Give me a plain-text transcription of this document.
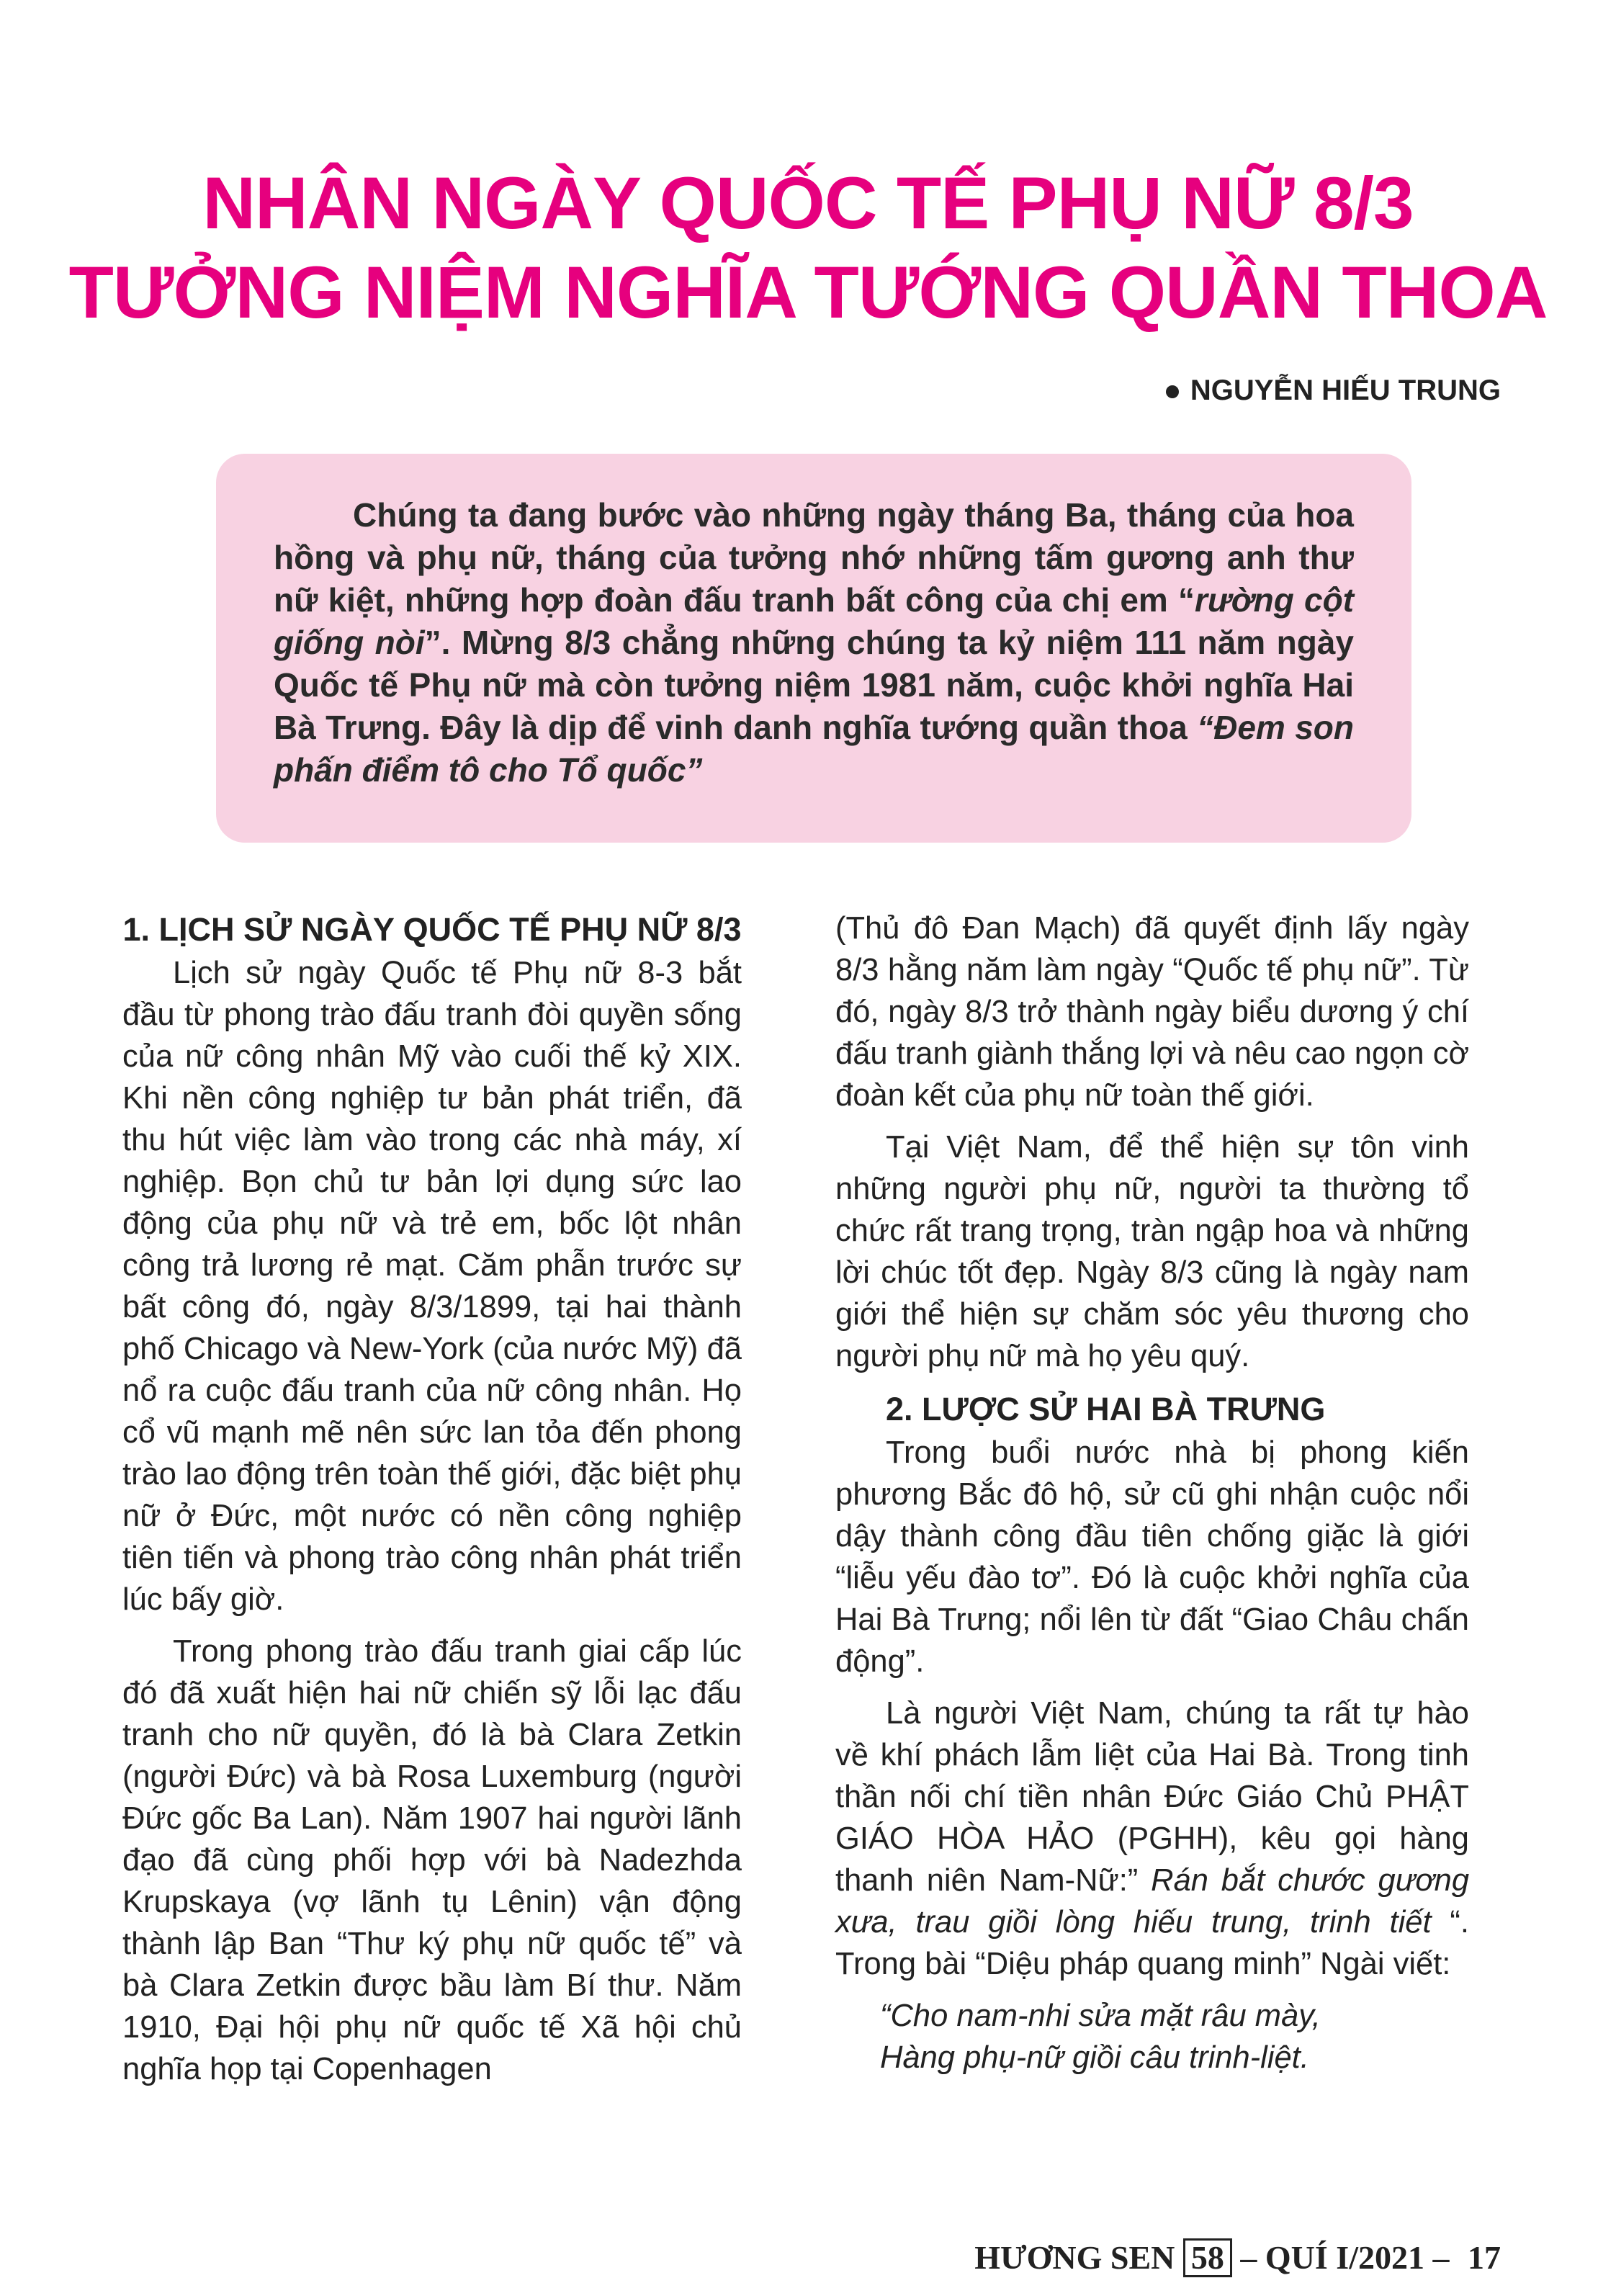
NHÂN NGÀY QUỐC TẾ PHỤ NỮ 8/3
TƯỞNG NIỆM NGHĨA TƯỚNG QUẦN THOA
NGUYỄN HIẾU TRUNG

Chúng ta đang bước vào những ngày tháng Ba, tháng của hoa hồng và phụ nữ, tháng của tưởng nhớ những tấm gương anh thư nữ kiệt, những hợp đoàn đấu tranh bất công của chị em “rường cột giống nòi”. Mừng 8/3 chẳng những chúng ta kỷ niệm 111 năm ngày Quốc tế Phụ nữ mà còn tưởng niệm 1981 năm, cuộc khởi nghĩa Hai Bà Trưng. Đây là dịp để vinh danh nghĩa tướng quần thoa “Đem son phấn điểm tô cho Tổ quốc”

1. LỊCH SỬ NGÀY QUỐC TẾ PHỤ NỮ 8/3

Lịch sử ngày Quốc tế Phụ nữ 8-3 bắt đầu từ phong trào đấu tranh đòi quyền sống của nữ công nhân Mỹ vào cuối thế kỷ XIX. Khi nền công nghiệp tư bản phát triển, đã thu hút việc làm vào trong các nhà máy, xí nghiệp. Bọn chủ tư bản lợi dụng sức lao động của phụ nữ và trẻ em, bốc lột nhân công trả lương rẻ mạt. Căm phẫn trước sự bất công đó, ngày 8/3/1899, tại hai thành phố Chicago và New-York (của nước Mỹ) đã nổ ra cuộc đấu tranh của nữ công nhân. Họ cổ vũ mạnh mẽ nên sức lan tỏa đến phong trào lao động trên toàn thế giới, đặc biệt phụ nữ ở Đức, một nước có nền công nghiệp tiên tiến và phong trào công nhân phát triển lúc bấy giờ.

Trong phong trào đấu tranh giai cấp lúc đó đã xuất hiện hai nữ chiến sỹ lỗi lạc đấu tranh cho nữ quyền, đó là bà Clara Zetkin (người Đức) và bà Rosa Luxemburg (người Đức gốc Ba Lan). Năm 1907 hai người lãnh đạo đã cùng phối hợp với bà Nadezhda Krupskaya (vợ lãnh tụ Lênin) vận động thành lập Ban “Thư ký phụ nữ quốc tế” và bà Clara Zetkin được bầu làm Bí thư. Năm 1910, Đại hội phụ nữ quốc tế Xã hội chủ nghĩa họp tại Copenhagen

(Thủ đô Đan Mạch) đã quyết định lấy ngày 8/3 hằng năm làm ngày “Quốc tế phụ nữ”. Từ đó, ngày 8/3 trở thành ngày biểu dương ý chí đấu tranh giành thắng lợi và nêu cao ngọn cờ đoàn kết của phụ nữ toàn thế giới.

Tại Việt Nam, để thể hiện sự tôn vinh những người phụ nữ, người ta thường tổ chức rất trang trọng, tràn ngập hoa và những lời chúc tốt đẹp. Ngày 8/3 cũng là ngày nam giới thể hiện sự chăm sóc yêu thương cho người phụ nữ mà họ yêu quý.

2. LƯỢC SỬ HAI BÀ TRƯNG

Trong buổi nước nhà bị phong kiến phương Bắc đô hộ, sử cũ ghi nhận cuộc nổi dậy thành công đầu tiên chống giặc là giới “liễu yếu đào tơ”. Đó là cuộc khởi nghĩa của Hai Bà Trưng; nổi lên từ đất “Giao Châu chấn động”.

Là người Việt Nam, chúng ta rất tự hào về khí phách lẫm liệt của Hai Bà. Trong tinh thần nối chí tiền nhân Đức Giáo Chủ PHẬT GIÁO HÒA HẢO (PGHH), kêu gọi hàng thanh niên Nam-Nữ:” Rán bắt chước gương xưa, trau giồi lòng hiếu trung, trinh tiết “. Trong bài “Diệu pháp quang minh” Ngài viết:

“Cho nam-nhi sửa mặt râu mày,

Hàng phụ-nữ giồi câu trinh-liệt.

HƯƠNG SEN 58 – QUÍ I/2021 – 17
